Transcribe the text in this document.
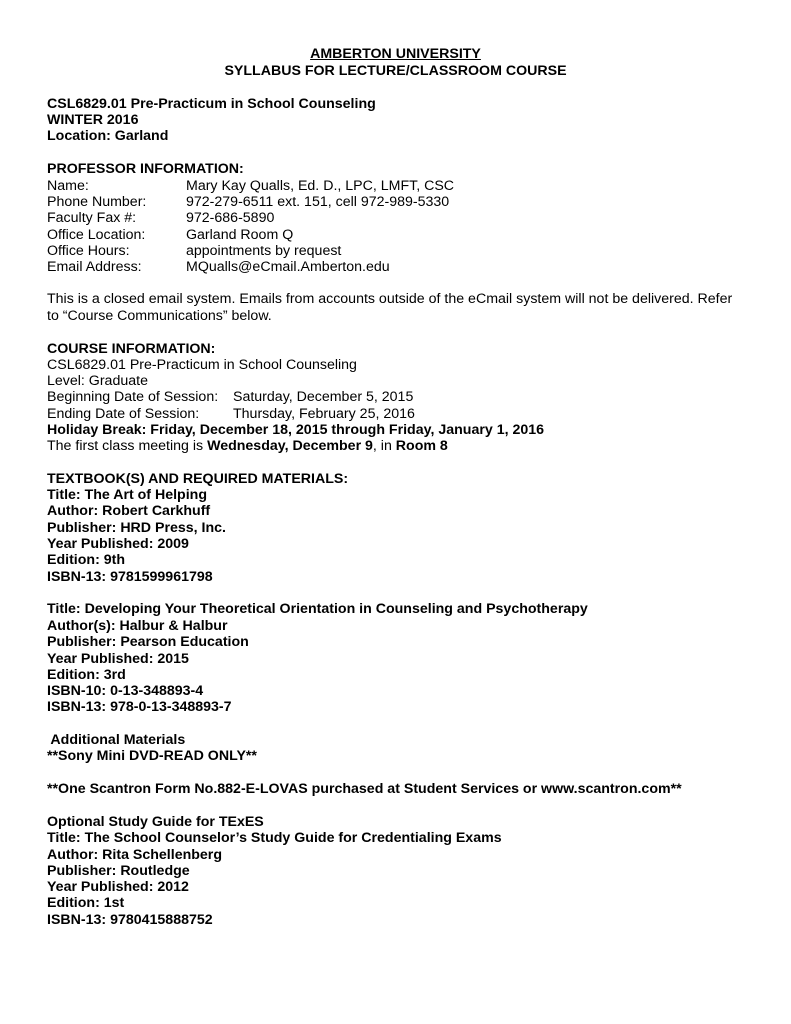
AMBERTON UNIVERSITY
SYLLABUS FOR LECTURE/CLASSROOM COURSE
CSL6829.01 Pre-Practicum in School Counseling
WINTER 2016
Location: Garland
PROFESSOR INFORMATION:
Name:	Mary Kay Qualls, Ed. D., LPC, LMFT, CSC
Phone Number:	972-279-6511 ext. 151, cell 972-989-5330
Faculty Fax #:	972-686-5890
Office Location:	Garland Room Q
Office Hours:	appointments by request
Email Address:	MQualls@eCmail.Amberton.edu
This is a closed email system. Emails from accounts outside of the eCmail system will not be delivered. Refer
to “Course Communications” below.
COURSE INFORMATION:
CSL6829.01 Pre-Practicum in School Counseling
Level: Graduate
Beginning Date of Session: Saturday, December 5, 2015
Ending Date of Session: Thursday, February 25, 2016
Holiday Break: Friday, December 18, 2015 through Friday, January 1, 2016
The first class meeting is Wednesday, December 9, in Room 8
TEXTBOOK(S) AND REQUIRED MATERIALS:
Title: The Art of Helping
Author: Robert Carkhuff
Publisher: HRD Press, Inc.
Year Published: 2009
Edition: 9th
ISBN-13: 9781599961798
Title: Developing Your Theoretical Orientation in Counseling and Psychotherapy
Author(s): Halbur & Halbur
Publisher: Pearson Education
Year Published: 2015
Edition: 3rd
ISBN-10: 0-13-348893-4
ISBN-13: 978-0-13-348893-7
Additional Materials
**Sony Mini DVD-READ ONLY**
**One Scantron Form No.882-E-LOVAS purchased at Student Services or www.scantron.com**
Optional Study Guide for TExES
Title: The School Counselor’s Study Guide for Credentialing Exams
Author: Rita Schellenberg
Publisher: Routledge
Year Published: 2012
Edition: 1st
ISBN-13: 9780415888752
